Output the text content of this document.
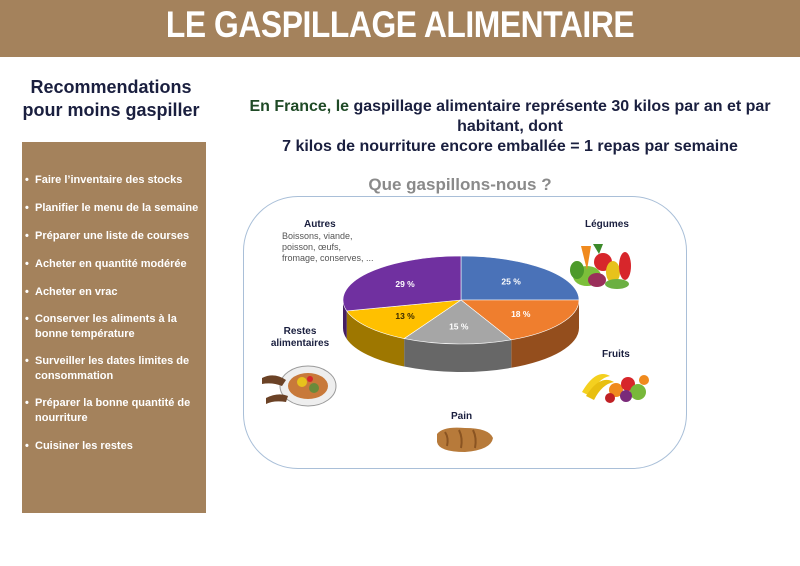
LE GASPILLAGE ALIMENTAIRE
Recommendations
pour moins gaspiller
• Faire l’inventaire des stocks
• Planifier le menu de la semaine
• Préparer une liste de courses
• Acheter en quantité modérée
• Acheter en vrac
• Conserver les aliments à la bonne température
• Surveiller les dates limites de consommation
• Préparer la bonne quantité de nourriture
• Cuisiner les restes
En France, le gaspillage alimentaire représente 30 kilos par an et par habitant, dont
7 kilos de nourriture encore emballée = 1 repas par semaine
Que gaspillons-nous ?
25 %
18 %
15 %
13 %
29 %
Légumes
Fruits
Pain
Restes
alimentaires
Autres
Boissons, viande,
poisson, œufs,
fromage, conserves, ...
